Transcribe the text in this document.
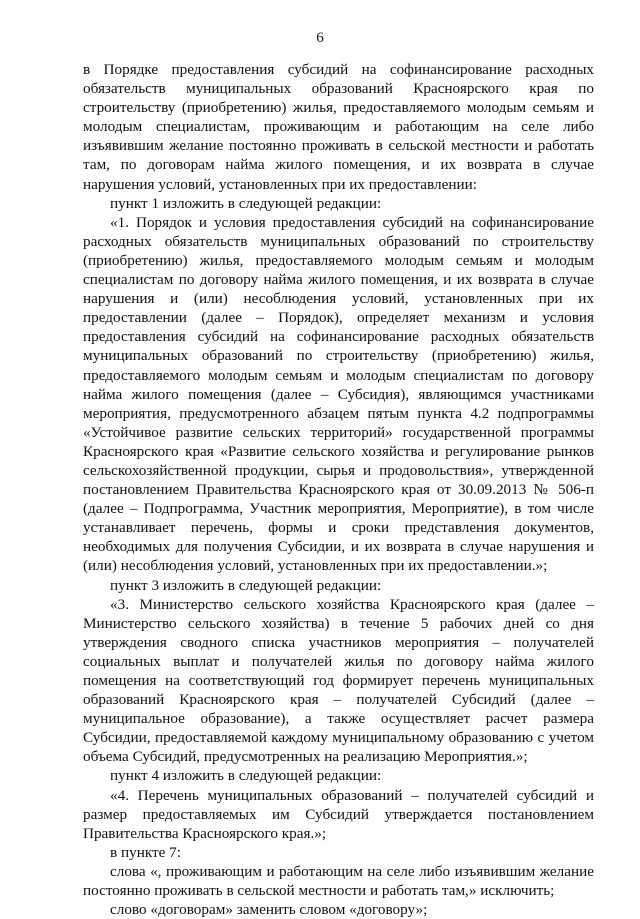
6

в Порядке предоставления субсидий на софинансирование расходных обязательств муниципальных образований Красноярского края по строительству (приобретению) жилья, предоставляемого молодым семьям и молодым специалистам, проживающим и работающим на селе либо изъявившим желание постоянно проживать в сельской местности и работать там, по договорам найма жилого помещения, и их возврата в случае нарушения условий, установленных при их предоставлении:

пункт 1 изложить в следующей редакции:

«1. Порядок и условия предоставления субсидий на софинансирование расходных обязательств муниципальных образований по строительству (приобретению) жилья, предоставляемого молодым семьям и молодым специалистам по договору найма жилого помещения, и их возврата в случае нарушения и (или) несоблюдения условий, установленных при их предоставлении (далее – Порядок), определяет механизм и условия предоставления субсидий на софинансирование расходных обязательств муниципальных образований по строительству (приобретению) жилья, предоставляемого молодым семьям и молодым специалистам по договору найма жилого помещения (далее – Субсидия), являющимся участниками мероприятия, предусмотренного абзацем пятым пункта 4.2 подпрограммы «Устойчивое развитие сельских территорий» государственной программы Красноярского края «Развитие сельского хозяйства и регулирование рынков сельскохозяйственной продукции, сырья и продовольствия», утвержденной постановлением Правительства Красноярского края от 30.09.2013 № 506-п (далее – Подпрограмма, Участник мероприятия, Мероприятие), в том числе устанавливает перечень, формы и сроки представления документов, необходимых для получения Субсидии, и их возврата в случае нарушения и (или) несоблюдения условий, установленных при их предоставлении.»;

пункт 3 изложить в следующей редакции:

«3. Министерство сельского хозяйства Красноярского края (далее – Министерство сельского хозяйства) в течение 5 рабочих дней со дня утверждения сводного списка участников мероприятия – получателей социальных выплат и получателей жилья по договору найма жилого помещения на соответствующий год формирует перечень муниципальных образований Красноярского края – получателей Субсидий (далее – муниципальное образование), а также осуществляет расчет размера Субсидии, предоставляемой каждому муниципальному образованию с учетом объема Субсидий, предусмотренных на реализацию Мероприятия.»;

пункт 4 изложить в следующей редакции:

«4. Перечень муниципальных образований – получателей субсидий и размер предоставляемых им Субсидий утверждается постановлением Правительства Красноярского края.»;

в пункте 7:

слова «, проживающим и работающим на селе либо изъявившим желание постоянно проживать в сельской местности и работать там,» исключить;

слово «договорам» заменить словом «договору»;
